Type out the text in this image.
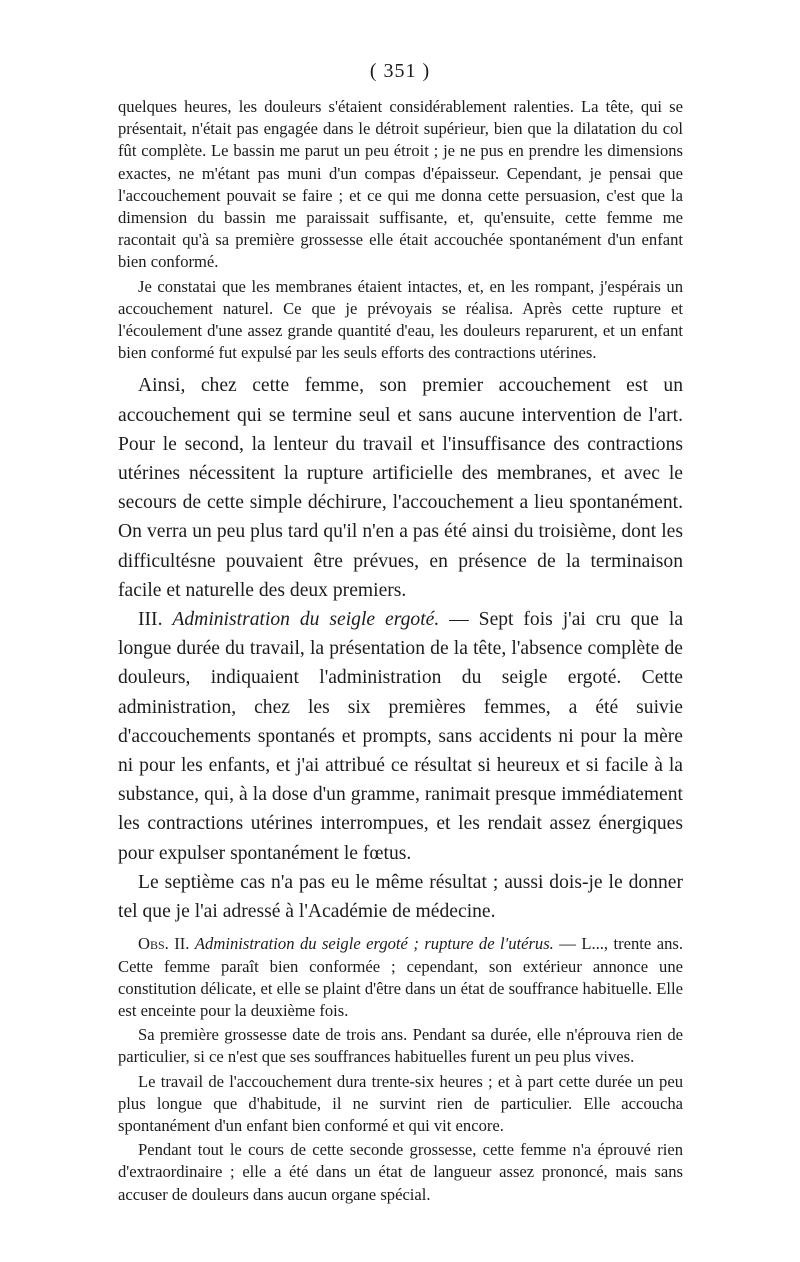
( 351 )

quelques heures, les douleurs s'étaient considérablement ralenties. La tête, qui se présentait, n'était pas engagée dans le détroit supérieur, bien que la dilatation du col fût complète. Le bassin me parut un peu étroit ; je ne pus en prendre les dimensions exactes, ne m'étant pas muni d'un compas d'épaisseur. Cependant, je pensai que l'accouchement pouvait se faire ; et ce qui me donna cette persuasion, c'est que la dimension du bassin me paraissait suffisante, et, qu'ensuite, cette femme me racontait qu'à sa première grossesse elle était accouchée spontanément d'un enfant bien conformé.

Je constatai que les membranes étaient intactes, et, en les rompant, j'espérais un accouchement naturel. Ce que je prévoyais se réalisa. Après cette rupture et l'écoulement d'une assez grande quantité d'eau, les douleurs reparurent, et un enfant bien conformé fut expulsé par les seuls efforts des contractions utérines.

Ainsi, chez cette femme, son premier accouchement est un accouchement qui se termine seul et sans aucune intervention de l'art. Pour le second, la lenteur du travail et l'insuffisance des contractions utérines nécessitent la rupture artificielle des membranes, et avec le secours de cette simple déchirure, l'accouchement a lieu spontanément. On verra un peu plus tard qu'il n'en a pas été ainsi du troisième, dont les difficultésne pouvaient être prévues, en présence de la terminaison facile et naturelle des deux premiers.

III. Administration du seigle ergoté. — Sept fois j'ai cru que la longue durée du travail, la présentation de la tête, l'absence complète de douleurs, indiquaient l'administration du seigle ergoté. Cette administration, chez les six premières femmes, a été suivie d'accouchements spontanés et prompts, sans accidents ni pour la mère ni pour les enfants, et j'ai attribué ce résultat si heureux et si facile à la substance, qui, à la dose d'un gramme, ranimait presque immédiatement les contractions utérines interrompues, et les rendait assez énergiques pour expulser spontanément le fœtus.

Le septième cas n'a pas eu le même résultat ; aussi dois-je le donner tel que je l'ai adressé à l'Académie de médecine.

Obs. II. Administration du seigle ergoté ; rupture de l'utérus. — L..., trente ans. Cette femme paraît bien conformée ; cependant, son extérieur annonce une constitution délicate, et elle se plaint d'être dans un état de souffrance habituelle. Elle est enceinte pour la deuxième fois.

Sa première grossesse date de trois ans. Pendant sa durée, elle n'éprouva rien de particulier, si ce n'est que ses souffrances habituelles furent un peu plus vives.

Le travail de l'accouchement dura trente-six heures ; et à part cette durée un peu plus longue que d'habitude, il ne survint rien de particulier. Elle accoucha spontanément d'un enfant bien conformé et qui vit encore.

Pendant tout le cours de cette seconde grossesse, cette femme n'a éprouvé rien d'extraordinaire ; elle a été dans un état de langueur assez prononcé, mais sans accuser de douleurs dans aucun organe spécial.
